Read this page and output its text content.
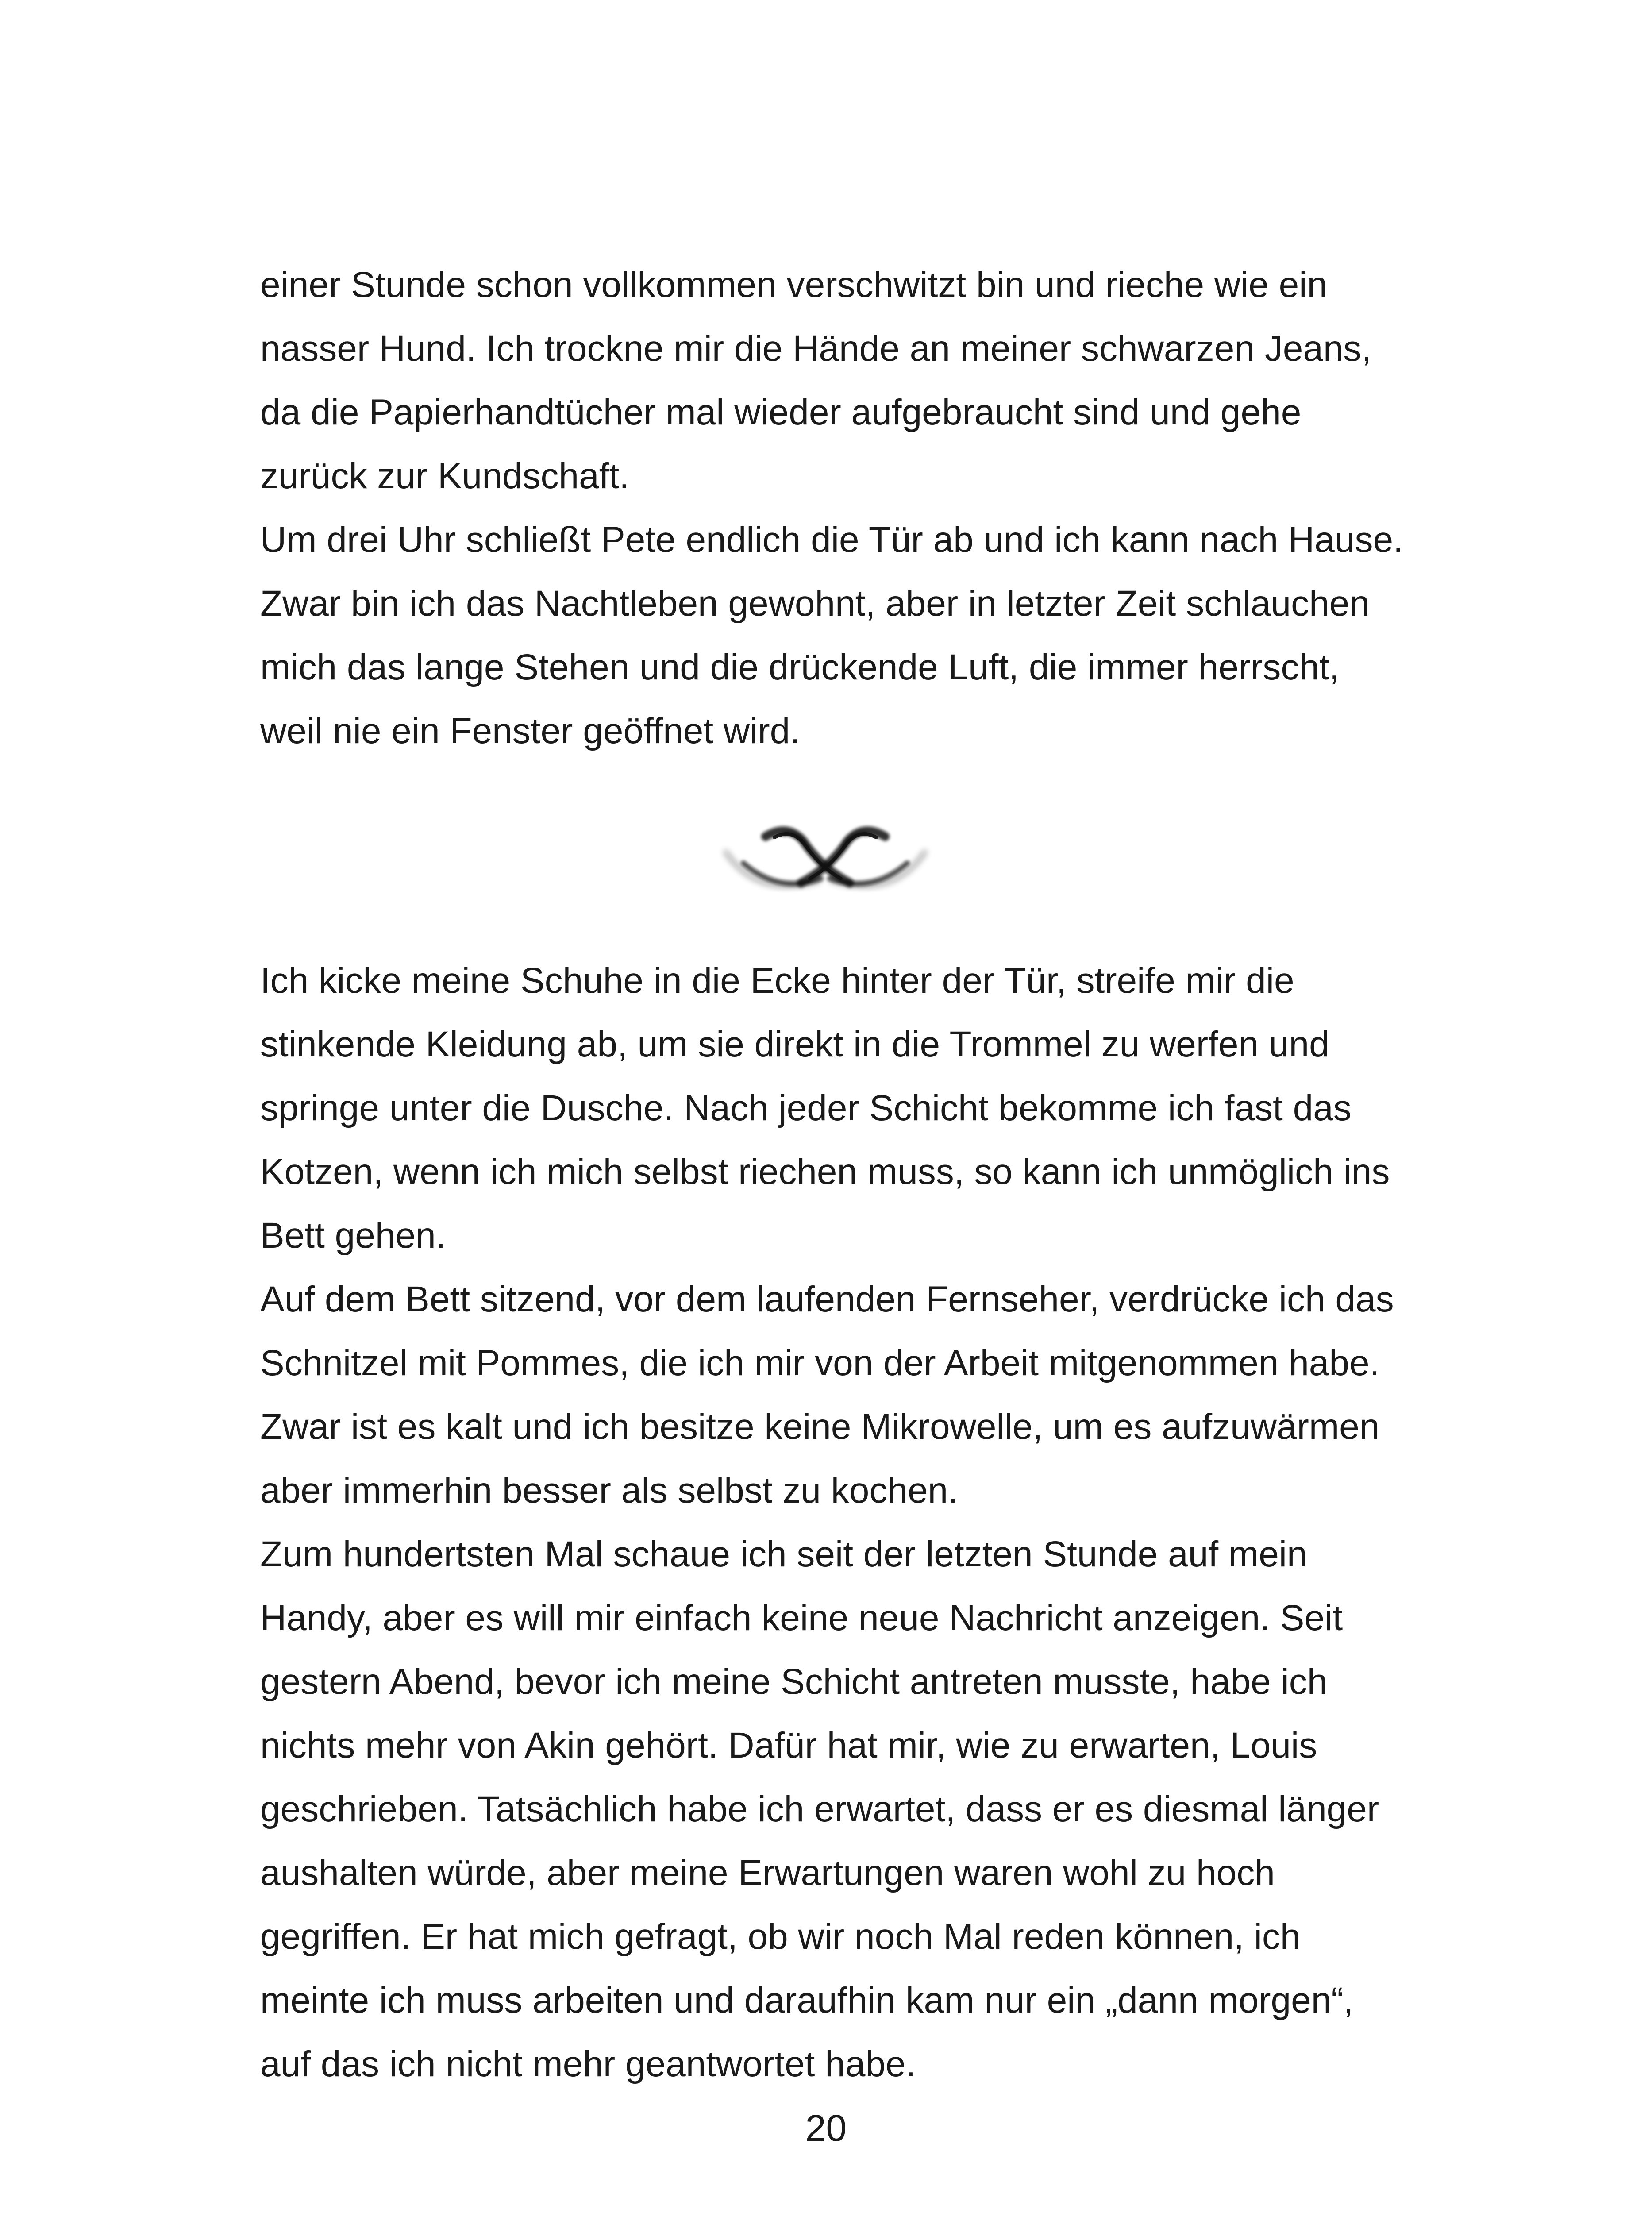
einer Stunde schon vollkommen verschwitzt bin und rieche wie ein nasser Hund. Ich trockne mir die Hände an meiner schwarzen Jeans, da die Papierhandtücher mal wieder aufgebraucht sind und gehe zurück zur Kundschaft.

Um drei Uhr schließt Pete endlich die Tür ab und ich kann nach Hause. Zwar bin ich das Nachtleben gewohnt, aber in letzter Zeit schlauchen mich das lange Stehen und die drückende Luft, die immer herrscht, weil nie ein Fenster geöffnet wird.

Ich kicke meine Schuhe in die Ecke hinter der Tür, streife mir die stinkende Kleidung ab, um sie direkt in die Trommel zu werfen und springe unter die Dusche. Nach jeder Schicht bekomme ich fast das Kotzen, wenn ich mich selbst riechen muss, so kann ich unmöglich ins Bett gehen.

Auf dem Bett sitzend, vor dem laufenden Fernseher, verdrücke ich das Schnitzel mit Pommes, die ich mir von der Arbeit mitgenommen habe. Zwar ist es kalt und ich besitze keine Mikrowelle, um es aufzuwärmen aber immerhin besser als selbst zu kochen.

Zum hundertsten Mal schaue ich seit der letzten Stunde auf mein Handy, aber es will mir einfach keine neue Nachricht anzeigen. Seit gestern Abend, bevor ich meine Schicht antreten musste, habe ich nichts mehr von Akin gehört. Dafür hat mir, wie zu erwarten, Louis geschrieben. Tatsächlich habe ich erwartet, dass er es diesmal länger aushalten würde, aber meine Erwartungen waren wohl zu hoch gegriffen. Er hat mich gefragt, ob wir noch Mal reden können, ich meinte ich muss arbeiten und daraufhin kam nur ein „dann morgen“, auf das ich nicht mehr geantwortet habe.

20
